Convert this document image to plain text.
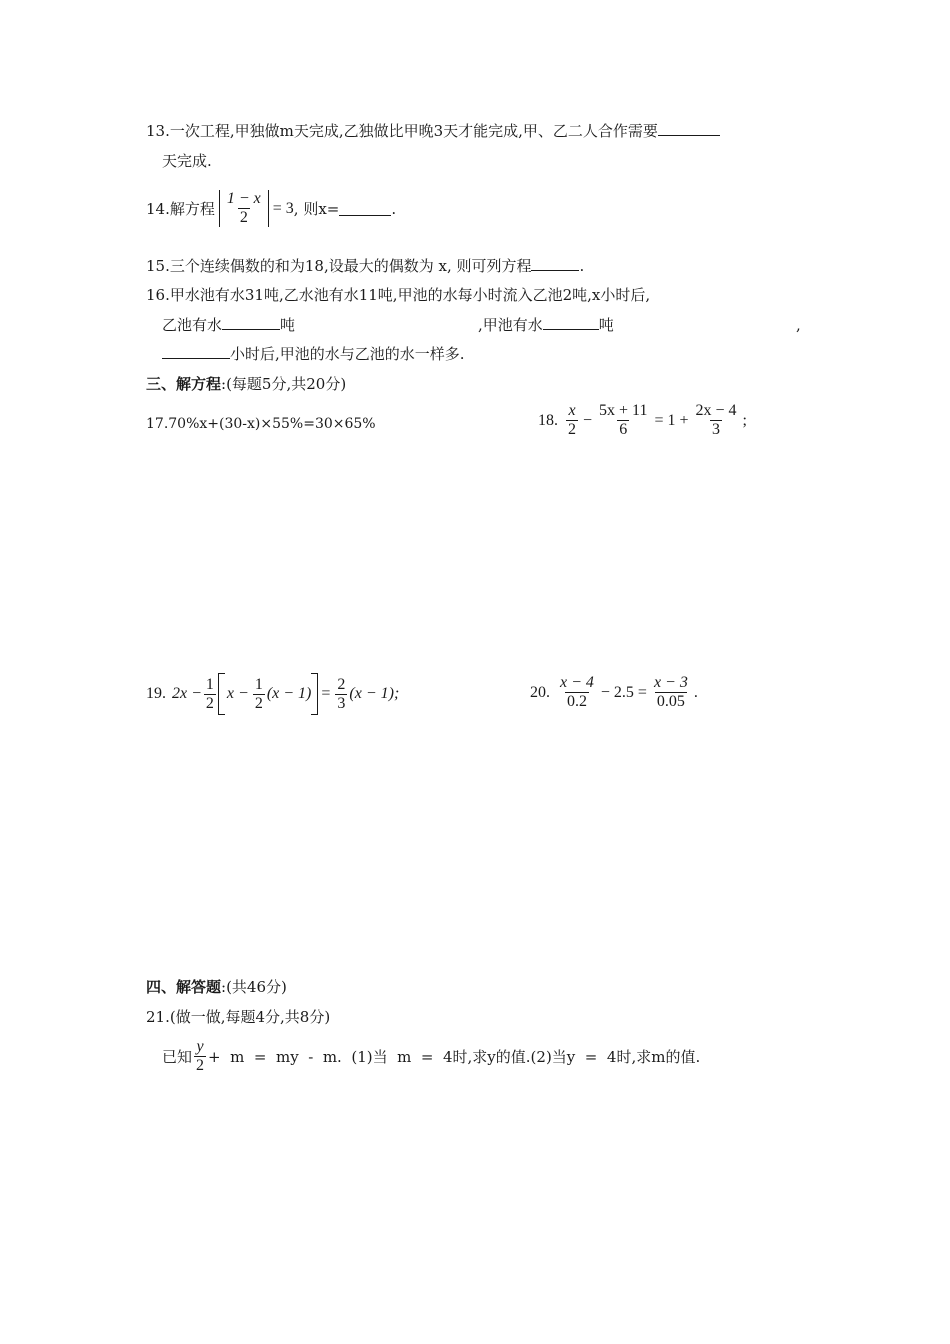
13.一次工程,甲独做m天完成,乙独做比甲晚3天才能完成,甲、乙二人合作需要
天完成.
14.解方程 $\frac{1 - x}{2} = 3$ , 则x=	.
15.三个连续偶数的和为18,设最大的偶数为 x, 则可列方程	.
16.甲水池有水31吨,乙水池有水11吨,甲池的水每小时流入乙池2吨,x小时后,
乙池有水	吨	,甲池有水	吨	,
小时后,甲池的水与乙池的水一样多.
三、解方程:(每题5分,共20分)
17.70%x+(30-x)×55%=30×65%	18. $\frac{x}{2} - \frac{5x + 11}{6} = 1 + \frac{2x - 4}{3}$ ;
19. $2x - \frac{1}{2}$ $x - \frac{1}{2} (x - 1) = \frac{2}{3} (x - 1)$;	20. $\frac{x - 4}{0.2} - 2.5 = \frac{x - 3}{0.05}$ .
四、解答题:(共46分)
21.(做一做,每题4分,共8分)
已知 $\frac{y}{2} + m$  =  my  -  m.  (1)当  m  =  4时,求y的值.(2)当y  =  4时,求m的值.
